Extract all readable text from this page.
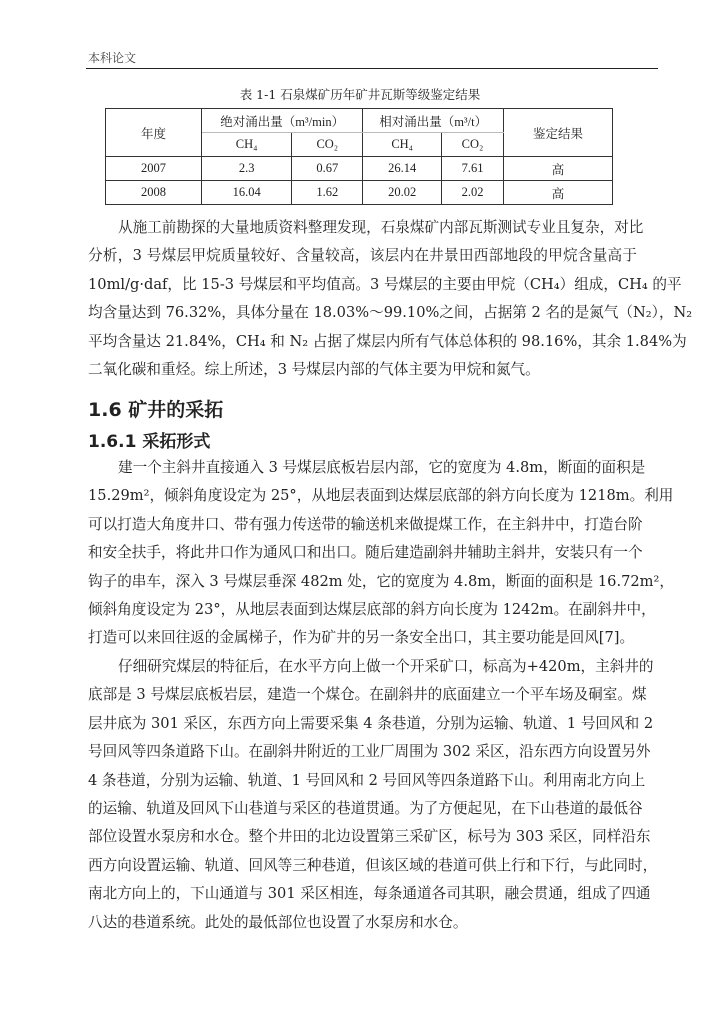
本科论文
表 1-1 石泉煤矿历年矿井瓦斯等级鉴定结果
年度	绝对涌出量（m³/min）		相对涌出量（m³/t）		鉴定结果
	CH₄	CO₂	CH₄	CO₂	
2007	2.3	0.67	26.14	7.61	高
2008	16.04	1.62	20.02	2.02	高
从施工前勘探的大量地质资料整理发现，石泉煤矿内部瓦斯测试专业且复杂，对比
分析，3 号煤层甲烷质量较好、含量较高，该层内在井景田西部地段的甲烷含量高于
10ml/g·daf，比 15-3 号煤层和平均值高。3 号煤层的主要由甲烷（CH₄）组成，CH₄ 的平
均含量达到 76.32%，具体分量在 18.03%～99.10%之间，占据第 2 名的是氮气（N₂），N₂
平均含量达 21.84%，CH₄ 和 N₂ 占据了煤层内所有气体总体积的 98.16%，其余 1.84%为
二氧化碳和重烃。综上所述，3 号煤层内部的气体主要为甲烷和氮气。
1.6 矿井的采拓
1.6.1 采拓形式
建一个主斜井直接通入 3 号煤层底板岩层内部，它的宽度为 4.8m，断面的面积是
15.29m²，倾斜角度设定为 25°，从地层表面到达煤层底部的斜方向长度为 1218m。利用
可以打造大角度井口、带有强力传送带的输送机来做提煤工作，在主斜井中，打造台阶
和安全扶手，将此井口作为通风口和出口。随后建造副斜井辅助主斜井，安装只有一个
钩子的串车，深入 3 号煤层垂深 482m 处，它的宽度为 4.8m，断面的面积是 16.72m²，
倾斜角度设定为 23°，从地层表面到达煤层底部的斜方向长度为 1242m。在副斜井中，
打造可以来回往返的金属梯子，作为矿井的另一条安全出口，其主要功能是回风[7]。
仔细研究煤层的特征后，在水平方向上做一个开采矿口，标高为+420m，主斜井的
底部是 3 号煤层底板岩层，建造一个煤仓。在副斜井的底面建立一个平车场及硐室。煤
层井底为 301 采区，东西方向上需要采集 4 条巷道，分别为运输、轨道、1 号回风和 2
号回风等四条道路下山。在副斜井附近的工业厂周围为 302 采区，沿东西方向设置另外
4 条巷道，分别为运输、轨道、1 号回风和 2 号回风等四条道路下山。利用南北方向上
的运输、轨道及回风下山巷道与采区的巷道贯通。为了方便起见，在下山巷道的最低谷
部位设置水泵房和水仓。整个井田的北边设置第三采矿区，标号为 303 采区，同样沿东
西方向设置运输、轨道、回风等三种巷道，但该区域的巷道可供上行和下行，与此同时，
南北方向上的，下山通道与 301 采区相连，每条通道各司其职，融会贯通，组成了四通
八达的巷道系统。此处的最低部位也设置了水泵房和水仓。
